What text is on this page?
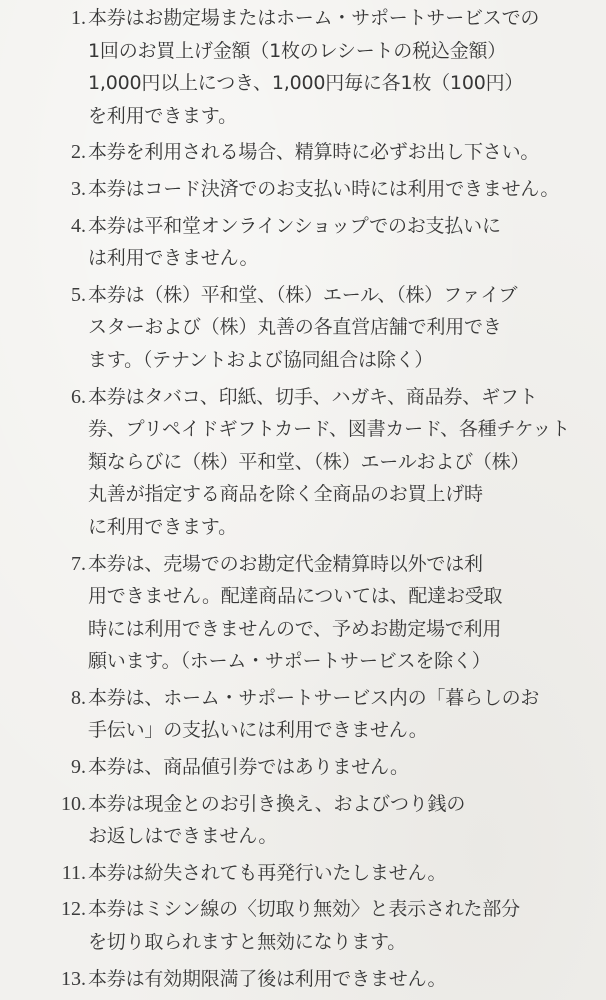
1. 本券はお勘定場またはホーム・サポートサービスでの
1回のお買上げ金額（1枚のレシートの税込金額）
1,000円以上につき、1,000円毎に各1枚（100円）
を利用できます。
2. 本券を利用される場合、精算時に必ずお出し下さい。
3. 本券はコード決済でのお支払い時には利用できません。
4. 本券は平和堂オンラインショップでのお支払いに
は利用できません。
5. 本券は（株）平和堂、（株）エール、（株）ファイブ
スターおよび（株）丸善の各直営店舗で利用でき
ます。（テナントおよび協同組合は除く）
6. 本券はタバコ、印紙、切手、ハガキ、商品券、ギフト
券、プリペイドギフトカード、図書カード、各種チケット
類ならびに（株）平和堂、（株）エールおよび（株）
丸善が指定する商品を除く全商品のお買上げ時
に利用できます。
7. 本券は、売場でのお勘定代金精算時以外では利
用できません。配達商品については、配達お受取
時には利用できませんので、予めお勘定場で利用
願います。（ホーム・サポートサービスを除く）
8. 本券は、ホーム・サポートサービス内の「暮らしのお
手伝い」の支払いには利用できません。
9. 本券は、商品値引券ではありません。
10. 本券は現金とのお引き換え、およびつり銭の
お返しはできません。
11. 本券は紛失されても再発行いたしません。
12. 本券はミシン線の〈切取り無効〉と表示された部分
を切り取られますと無効になります。
13. 本券は有効期限満了後は利用できません。
